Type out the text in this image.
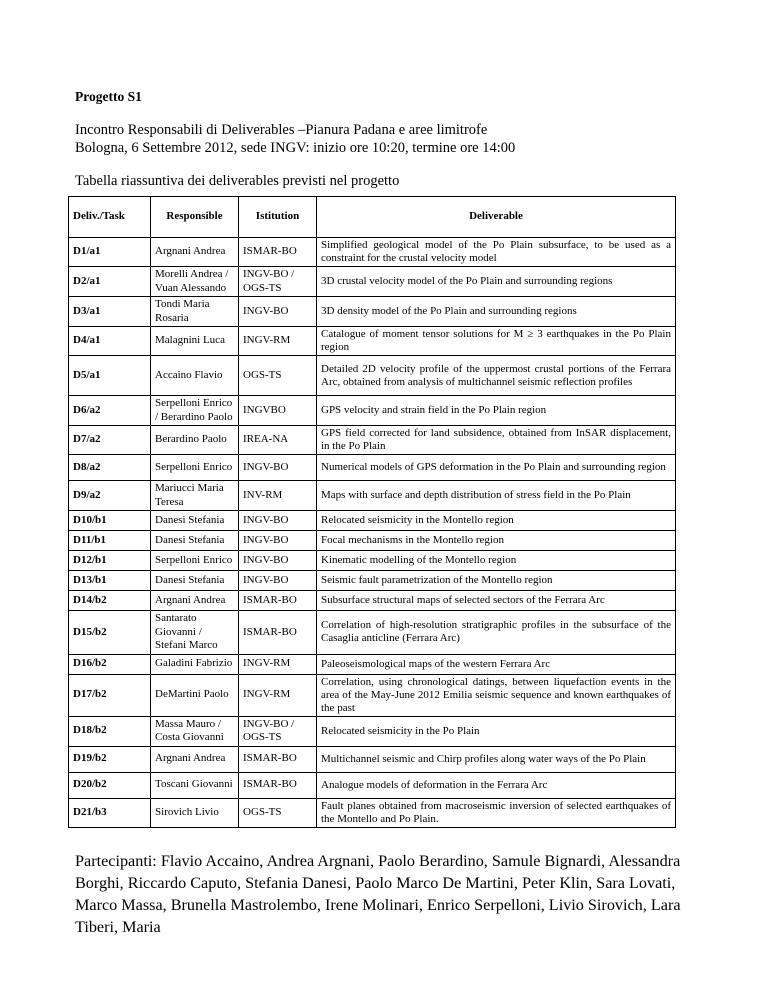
Progetto S1
Incontro Responsabili di Deliverables –Pianura Padana e aree limitrofe
Bologna, 6 Settembre 2012, sede INGV: inizio ore 10:20, termine ore 14:00
Tabella riassuntiva dei deliverables previsti nel progetto
Deliv./Task	Responsible	Istitution	Deliverable
D1/a1	Argnani Andrea	ISMAR-BO	Simplified geological model of the Po Plain subsurface, to be used as a constraint for the crustal velocity model
D2/a1	Morelli Andrea / Vuan Alessando	INGV-BO / OGS-TS	3D crustal velocity model of the Po Plain and surrounding regions
D3/a1	Tondi Maria Rosaria	INGV-BO	3D density model of the Po Plain and surrounding regions
D4/a1	Malagnini Luca	INGV-RM	Catalogue of moment tensor solutions for M ≥ 3 earthquakes in the Po Plain region
D5/a1	Accaino Flavio	OGS-TS	Detailed 2D velocity profile of the uppermost crustal portions of the Ferrara Arc, obtained from analysis of multichannel seismic reflection profiles
D6/a2	Serpelloni Enrico / Berardino Paolo	INGVBO	GPS velocity and strain field in the Po Plain region
D7/a2	Berardino Paolo	IREA-NA	GPS field corrected for land subsidence, obtained from InSAR displacement, in the Po Plain
D8/a2	Serpelloni Enrico	INGV-BO	Numerical models of GPS deformation in the Po Plain and surrounding region
D9/a2	Mariucci Maria Teresa	INV-RM	Maps with surface and depth distribution of stress field in the Po Plain
D10/b1	Danesi Stefania	INGV-BO	Relocated seismicity in the Montello region
D11/b1	Danesi Stefania	INGV-BO	Focal mechanisms in the Montello region
D12/b1	Serpelloni Enrico	INGV-BO	Kinematic modelling of the Montello region
D13/b1	Danesi Stefania	INGV-BO	Seismic fault parametrization of the Montello region
D14/b2	Argnani Andrea	ISMAR-BO	Subsurface structural maps of selected sectors of the Ferrara Arc
D15/b2	Santarato Giovanni / Stefani Marco	ISMAR-BO	Correlation of high-resolution stratigraphic profiles in the subsurface of the Casaglia anticline (Ferrara Arc)
D16/b2	Galadini Fabrizio	INGV-RM	Paleoseismological maps of the western Ferrara Arc
D17/b2	DeMartini Paolo	INGV-RM	Correlation, using chronological datings, between liquefaction events in the area of the May-June 2012 Emilia seismic sequence and known earthquakes of the past
D18/b2	Massa Mauro / Costa Giovanni	INGV-BO / OGS-TS	Relocated seismicity in the Po Plain
D19/b2	Argnani Andrea	ISMAR-BO	Multichannel seismic and Chirp profiles along water ways of the Po Plain
D20/b2	Toscani Giovanni	ISMAR-BO	Analogue models of deformation in the Ferrara Arc
D21/b3	Sirovich Livio	OGS-TS	Fault planes obtained from macroseismic inversion of selected earthquakes of the Montello and Po Plain.
Partecipanti: Flavio Accaino, Andrea Argnani, Paolo Berardino, Samule Bignardi, Alessandra Borghi, Riccardo Caputo, Stefania Danesi, Paolo Marco De Martini, Peter Klin, Sara Lovati, Marco Massa, Brunella Mastrolembo, Irene Molinari, Enrico Serpelloni, Livio Sirovich, Lara Tiberi, Maria
